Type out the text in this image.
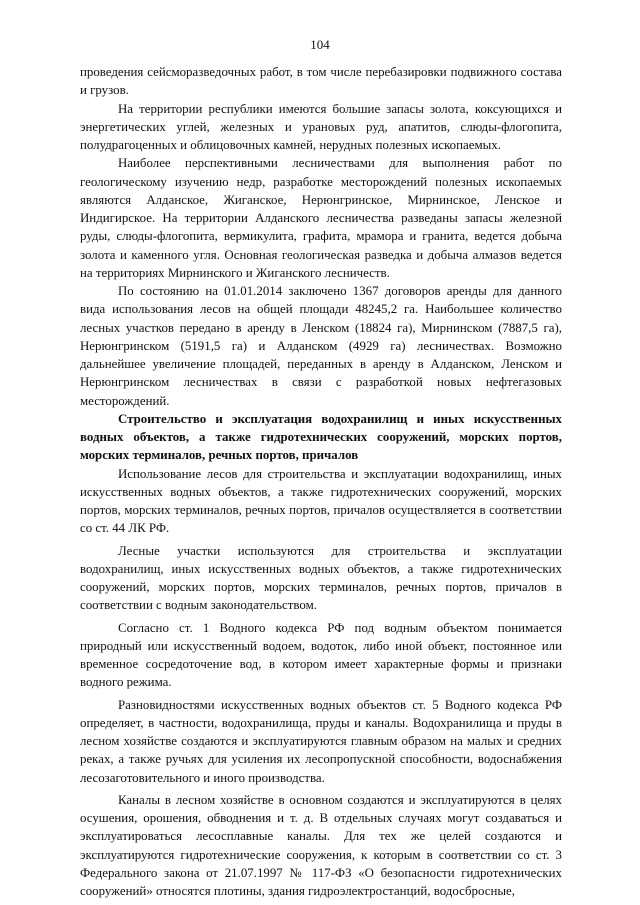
104

проведения сейсморазведочных работ, в том числе перебазировки подвижного состава и грузов.

На территории республики имеются большие запасы золота, коксующихся и энергетических углей, железных и урановых руд, апатитов, слюды-флогопита, полудрагоценных и облицовочных камней, нерудных полезных ископаемых.

Наиболее перспективными лесничествами для выполнения работ по геологическому изучению недр, разработке месторождений полезных ископаемых являются Алданское, Жиганское, Нерюнгринское, Мирнинское, Ленское и Индигирское. На территории Алданского лесничества разведаны запасы железной руды, слюды-флогопита, вермикулита, графита, мрамора и гранита, ведется добыча золота и каменного угля. Основная геологическая разведка и добыча алмазов ведется на территориях Мирнинского и Жиганского лесничеств.

По состоянию на 01.01.2014 заключено 1367 договоров аренды для данного вида использования лесов на общей площади 48245,2 га. Наибольшее количество лесных участков передано в аренду в Ленском (18824 га), Мирнинском (7887,5 га), Нерюнгринском (5191,5 га) и Алданском (4929 га) лесничествах. Возможно дальнейшее увеличение площадей, переданных в аренду в Алданском, Ленском и Нерюнгринском лесничествах в связи с разработкой новых нефтегазовых месторождений.

Строительство и эксплуатация водохранилищ и иных искусственных водных объектов, а также гидротехнических сооружений, морских портов, морских терминалов, речных портов, причалов

Использование лесов для строительства и эксплуатации водохранилищ, иных искусственных водных объектов, а также гидротехнических сооружений, морских портов, морских терминалов, речных портов, причалов осуществляется в соответствии со ст. 44 ЛК РФ.

Лесные участки используются для строительства и эксплуатации водохранилищ, иных искусственных водных объектов, а также гидротехнических сооружений, морских портов, морских терминалов, речных портов, причалов в соответствии с водным законодательством.

Согласно ст. 1 Водного кодекса РФ под водным объектом понимается природный или искусственный водоем, водоток, либо иной объект, постоянное или временное сосредоточение вод, в котором имеет характерные формы и признаки водного режима.

Разновидностями искусственных водных объектов ст. 5 Водного кодекса РФ определяет, в частности, водохранилища, пруды и каналы. Водохранилища и пруды в лесном хозяйстве создаются и эксплуатируются главным образом на малых и средних реках, а также ручьях для усиления их лесопропускной способности, водоснабжения лесозаготовительного и иного производства.

Каналы в лесном хозяйстве в основном создаются и эксплуатируются в целях осушения, орошения, обводнения и т. д. В отдельных случаях могут создаваться и эксплуатироваться лесосплавные каналы. Для тех же целей создаются и эксплуатируются гидротехнические сооружения, к которым в соответствии со ст. 3 Федерального закона от 21.07.1997 № 117-ФЗ «О безопасности гидротехнических сооружений» относятся плотины, здания гидроэлектростанций, водосбросные,
